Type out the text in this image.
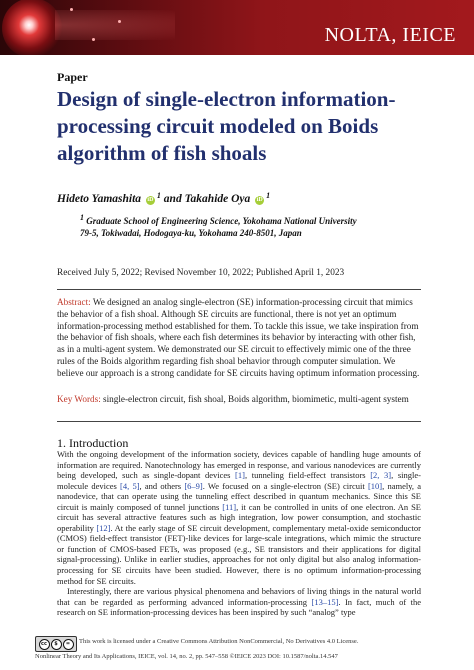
NOLTA, IEICE
Paper
Design of single-electron information-processing circuit modeled on Boids algorithm of fish shoals
Hideto Yamashita iD $^1$ and Takahide Oya iD $^1$
1 Graduate School of Engineering Science, Yokohama National University
79-5, Tokiwadai, Hodogaya-ku, Yokohama 240-8501, Japan
Received July 5, 2022; Revised November 10, 2022; Published April 1, 2023
Abstract: We designed an analog single-electron (SE) information-processing circuit that mimics the behavior of a fish shoal. Although SE circuits are functional, there is not yet an optimum information-processing method established for them. To tackle this issue, we take inspiration from the behavior of fish shoals, where each fish determines its behavior by interacting with other fish, as in a multi-agent system. We demonstrated our SE circuit to effectively mimic one of the three rules of the Boids algorithm regarding fish shoal behavior through computer simulation. We believe our approach is a strong candidate for SE circuits having optimum information processing.
Key Words: single-electron circuit, fish shoal, Boids algorithm, biomimetic, multi-agent system
1. Introduction

With the ongoing development of the information society, devices capable of handling huge amounts of information are required. Nanotechnology has emerged in response, and various nanodevices are currently being developed, such as single-dopant devices [1], tunneling field-effect transistors [2, 3], single-molecule devices [4, 5], and others [6–9]. We focused on a single-electron (SE) circuit [10], namely, a nanodevice, that can operate using the tunneling effect described in quantum mechanics. Since this SE circuit is mainly composed of tunnel junctions [11], it can be controlled in units of one electron. An SE circuit has several attractive features such as high integration, low power consumption, and stochastic operability [12]. At the early stage of SE circuit development, complementary metal-oxide semiconductor (CMOS) field-effect transistor (FET)-like devices for large-scale integrations, which mimic the structure or function of CMOS-based FETs, was proposed (e.g., SE transistors and their applications for digital signal-processing). Unlike in earlier studies, approaches for not only digital but also analog information-processing for SE circuits have been studied. However, there is no optimum information-processing method for SE circuits.

Interestingly, there are various physical phenomena and behaviors of living things in the natural world that can be regarded as performing advanced information-processing [13–15]. In fact, much of the research on SE information-processing devices has been inspired by such “analog” type

cc	$	=	This work is licensed under a Creative Commons Attribution NonCommercial, No Derivatives 4.0 License.
Nonlinear Theory and Its Applications, IEICE, vol. 14, no. 2, pp. 547–558 ©IEICE 2023 DOI: 10.1587/nolta.14.547
